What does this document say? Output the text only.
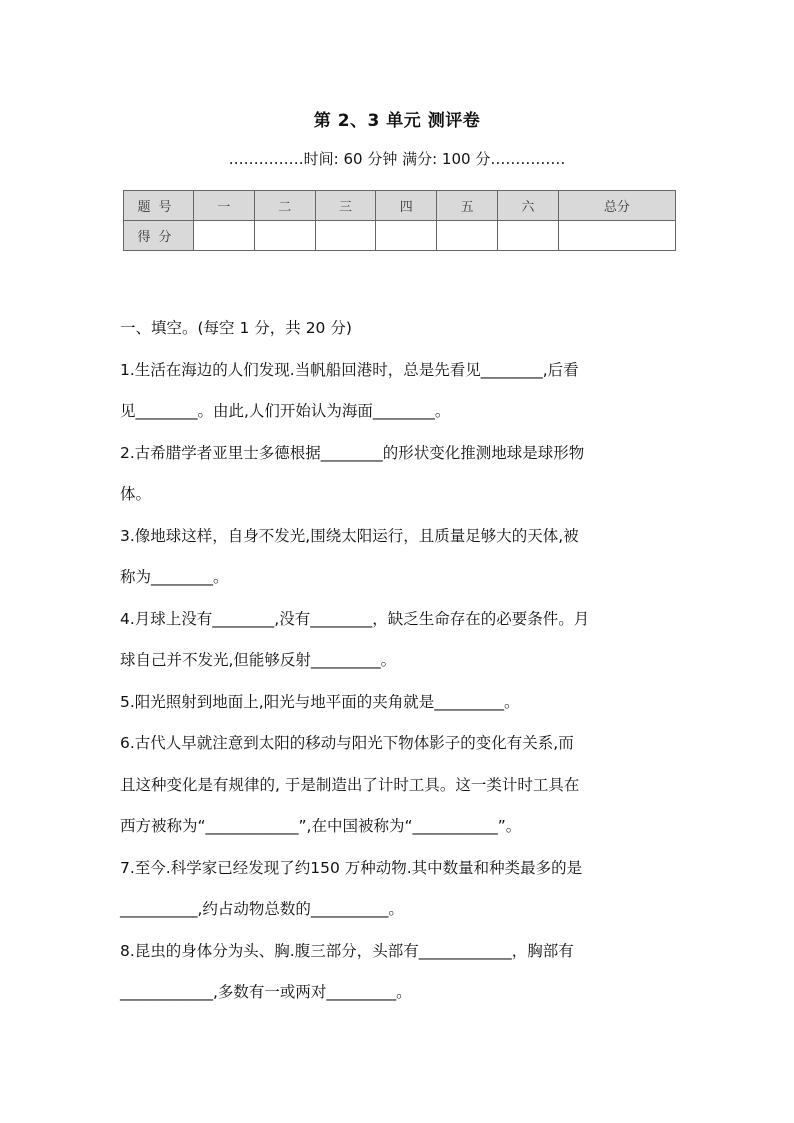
第 2、3 单元 测评卷
……………时间: 60 分钟 满分: 100 分……………
题号	一	二	三	四	五	六	总分
得分							

一、填空。(每空 1 分，共 20 分)

1.生活在海边的人们发现.当帆船回港时，总是先看见________,后看

见________。由此,人们开始认为海面________。

2.古希腊学者亚里士多德根据________的形状变化推测地球是球形物

体。

3.像地球这样，自身不发光,围绕太阳运行，且质量足够大的天体,被

称为________。

4.月球上没有________,没有________，缺乏生命存在的必要条件。月

球自己并不发光,但能够反射_________。

5.阳光照射到地面上,阳光与地平面的夹角就是_________。

6.古代人早就注意到太阳的移动与阳光下物体影子的变化有关系,而

且这种变化是有规律的, 于是制造出了计时工具。这一类计时工具在

西方被称为“____________”,在中国被称为“___________”。

7.至今.科学家已经发现了约150 万种动物.其中数量和种类最多的是

__________,约占动物总数的__________。

8.昆虫的身体分为头、胸.腹三部分，头部有____________，胸部有

____________,多数有一或两对_________。
